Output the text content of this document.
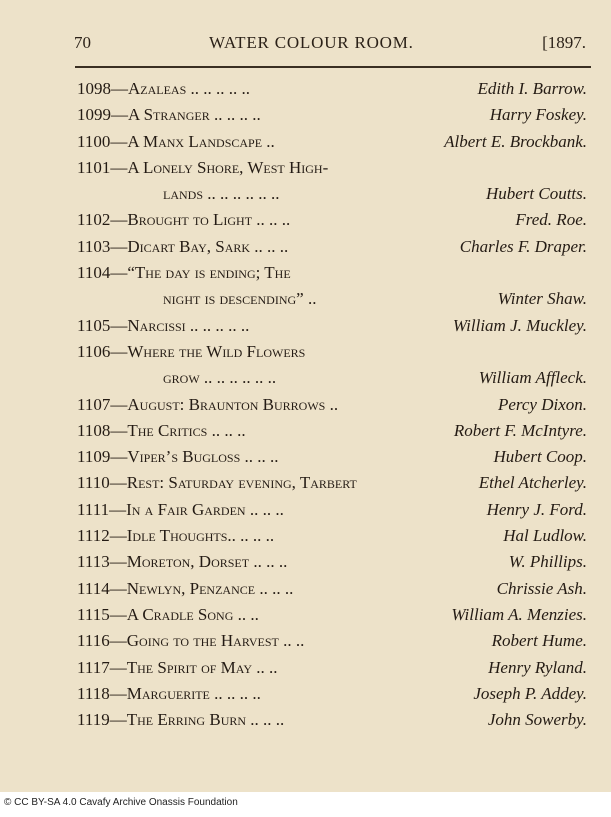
70	WATER COLOUR ROOM.	[1897.
1098—Azaleas .. .. .. .. ..	Edith I. Barrow.
1099—A Stranger .. .. .. ..	Harry Foskey.
1100—A Manx Landscape ..	Albert E. Brockbank.
1101—A Lonely Shore, West High-
lands .. .. .. .. .. ..	Hubert Coutts.
1102—Brought to Light .. .. ..	Fred. Roe.
1103—Dicart Bay, Sark .. .. ..	Charles F. Draper.
1104—“The day is ending; The
night is descending” ..	Winter Shaw.
1105—Narcissi .. .. .. .. ..	William J. Muckley.
1106—Where the Wild Flowers
grow .. .. .. .. .. ..	William Affleck.
1107—August: Braunton Burrows ..	Percy Dixon.
1108—The Critics .. .. ..	Robert F. McIntyre.
1109—Viper’s Bugloss .. .. ..	Hubert Coop.
1110—Rest: Saturday evening, Tarbert	Ethel Atcherley.
1111—In a Fair Garden .. .. ..	Henry J. Ford.
1112—Idle Thoughts.. .. .. ..	Hal Ludlow.
1113—Moreton, Dorset .. .. ..	W. Phillips.
1114—Newlyn, Penzance .. .. ..	Chrissie Ash.
1115—A Cradle Song .. ..	William A. Menzies.
1116—Going to the Harvest .. ..	Robert Hume.
1117—The Spirit of May .. ..	Henry Ryland.
1118—Marguerite .. .. .. ..	Joseph P. Addey.
1119—The Erring Burn .. .. ..	John Sowerby.
© CC BY-SA 4.0 Cavafy Archive Onassis Foundation
